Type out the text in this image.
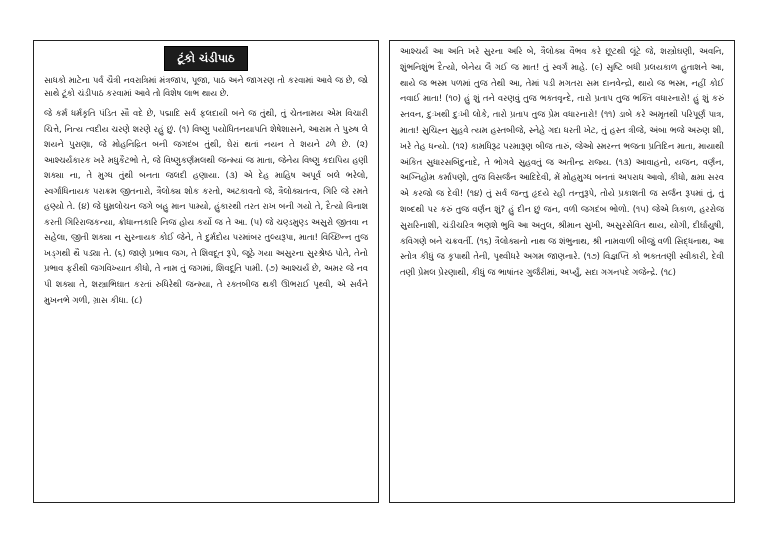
ટૂંકો ચંડીપાઠ

સાધકો માટેના પર્વ ચૈત્રી નવરાત્રિમાં મંત્રજાપ, પૂજા, પાઠ અને જાગરણ તો કરવામાં આવે જ છે, જો સાથે ટૂંકો ચંડીપાઠ કરવામાં આવે તો વિશેષ લાભ થાય છે.

જે કર્મ ધર્મકૃતિ પંડિત સૌ વદે છે, પદ્માદિ સર્વ ફલદાયી બને જ તુંથી, તું ચેતનામય એમ વિચારી ચિત્તે, નિત્ય ત્વદીય ચરણે શરણે રહું છું. (૧) વિષ્ણુ પયોધિતનયાપતિ શેષેશાસને, આરામ તે પુરુષ લે શયને પુરાણા, જે મોહનિદ્રિત બની જગદંબ તુંથી, ઘેરાં થતાં નયન તે શયને ઢળે છે. (૨) આશ્ચર્યકારક ખરે મધુકૈટભો તે, જે વિષ્ણુકર્ણમલથી જન્મ્યાં જ માતા, જેનેય વિષ્ણુ કદાપિય હણી શક્યા ના, તે મુગ્ધ તુંથી બનતા જલદી હણાયા. (૩) એ દેહ માહિષ અપૂર્વ બલે ભરેલો, સ્વર્ગાધિનાયક પરાક્રમ જીતનારો, ત્રૈલોક્ય શોક કરતો, અટકાવતો જે, ત્રૈલોક્યતત્વ, ગિરિ જે રમતે હણ્યો તે. (૪) જે ધુમ્રલોચન જગે બહુ માન પામ્યો, હુંકારથી તરત રાખ બની ગયો તે, દૈત્યો વિનાશ કરતી ગિરિરાજકન્યા, ક્રોધાન્તકારિ નિજ હોય કર્યો જ તે આ. (૫) જે ચણ્ડમુણ્ડ અસુરો જીતવા ન સહેલા, જીતી શક્યા ન સુરનાયક કોઈ જેને, તે દુર્મદોય પરમાંબર તુલ્યરૂપા, માતા! વિચ્છિન્ન તુજ ખડ્ગથી થૈ પડ્યા તે. (૬) જાણે પ્રભાવ જગ, તે શિવદૂત રૂપે, જૂઠે ગયા અસુરના સુરશ્રેષ્ઠ પોતે, તેનો પ્રભાવ ફરીથી જગવિખ્યાત કીધો, તે નામ તું જગમાં, શિવદૂતિ પામી. (૭) આશ્ચર્ય છે, અમર જે નવ પી શક્યા તે, શસ્ત્રાભિઘાત કરતાં રુધિરેથી જન્મ્યા, તે રક્તબીજ થકી ઊભરાઈ પૃથ્વી, એ સર્વને મુખનભે ગળી, ગ્રાસ કીધા. (૮)

આશ્ચર્ય આ અતિ ખરે સુરના અરિ બે, ત્રૈલોક્ય વૈભવ કરે છૂટથી લૂંટે જે, શસ્ત્રોઘણી, અવનિ, શુંભનિશુંભ દૈત્યો, બેનેય લૈ ગઈ જ માત! તું સ્વર્ગ માહે. (૯) સૃષ્ટિ બધી પ્રલયકાળ હુતાશને આ, થાયે જ ભસ્મ પળમાં તુજ તેથી આ, તેમાં પડી મગતરા સમ દાનવેન્દ્રો, થાયે જ ભસ્મ, નહીં કોઈ નવાઈ માતા! (૧૦) હું શું તને વરણવું તુજ ભક્તવૃન્દે, તારો પ્રતાપ તુજ ભક્તિ વધારનારો! હું શું કરું સ્તવન, દુઃખથી દુઃખી લોકે, તારો પ્રતાપ તુજ પ્રેમ વધારનારો! (૧૧) ડાબે કરે અમૃતથી પરિપૂર્ણ પાત્ર, માતા! સુચિહ્ન સુહવે ત્યમ હસ્તબીજે, સ્નેહે ગદા ધરતી ખેટ, તું હસ્ત ત્રીજે, અંબા ભજે અરુણ શી, ખરે તેહ ધન્યો. (૧૨) કામધિરૂઢ પરમારૂણ બીજ તારું, જેઓ સ્મરન્ત ભજતા પ્રતિદિન માતા, માયાથી અંકિત સુધારસબિંદુનાદે, તે ભોગવે સુહવતું જ અતીન્દ્ર રાજ્ય. (૧૩) આવાહનો, યજન, વર્ણન, અગ્નિહોમ કર્માપણો, તુજ વિસર્જન આદિદેવી, મેં મોહમુગ્ધ બનતાં અપરાધ આવો, કીધો, ક્ષમા સરવ એ કરજો જ દેવી! (૧૪) તું સર્વ જન્તુ હૃદયે રહી તન્તુરૂપે, તોયે પ્રકાશતી જ સર્જન રૂપમાં તું, તું શબ્દથી પર કરું તુજ વર્ણન શું? હું દીન છું જન, વળી જગદંબ ભોળો. (૧૫) જેએ ત્રિકાળ, હરરોજ સુરારિનાશી, ચંડીચરિત્ર ભણશે ભુવિ આ અતુલ, શ્રીમાન સુખી, અસુરસેવિત થાય, યોગી, દીર્ઘાયુષી, કવિગણે બને ચક્રવર્તી. (૧૬) ત્રૈલોક્યનો નાથ જ શંભુનાથ, શ્રી નામવાળી બીજું વળી સિદ્ધનાથ, આ સ્તોત્ર કીધું જ કૃપાથી તેની, પૃથ્વીધરે અગમ જાણનારે. (૧૭) વિજ્ઞપ્તિ કો ભક્તતણી સ્વીકારી, દેવી તણી પ્રેમલ પ્રેરણાથી, કીધું જ ભાષાંતર ગુર્જરીમાં, અર્પ્યું, સદા ગગનપદે ગજેન્દ્રે. (૧૮)
